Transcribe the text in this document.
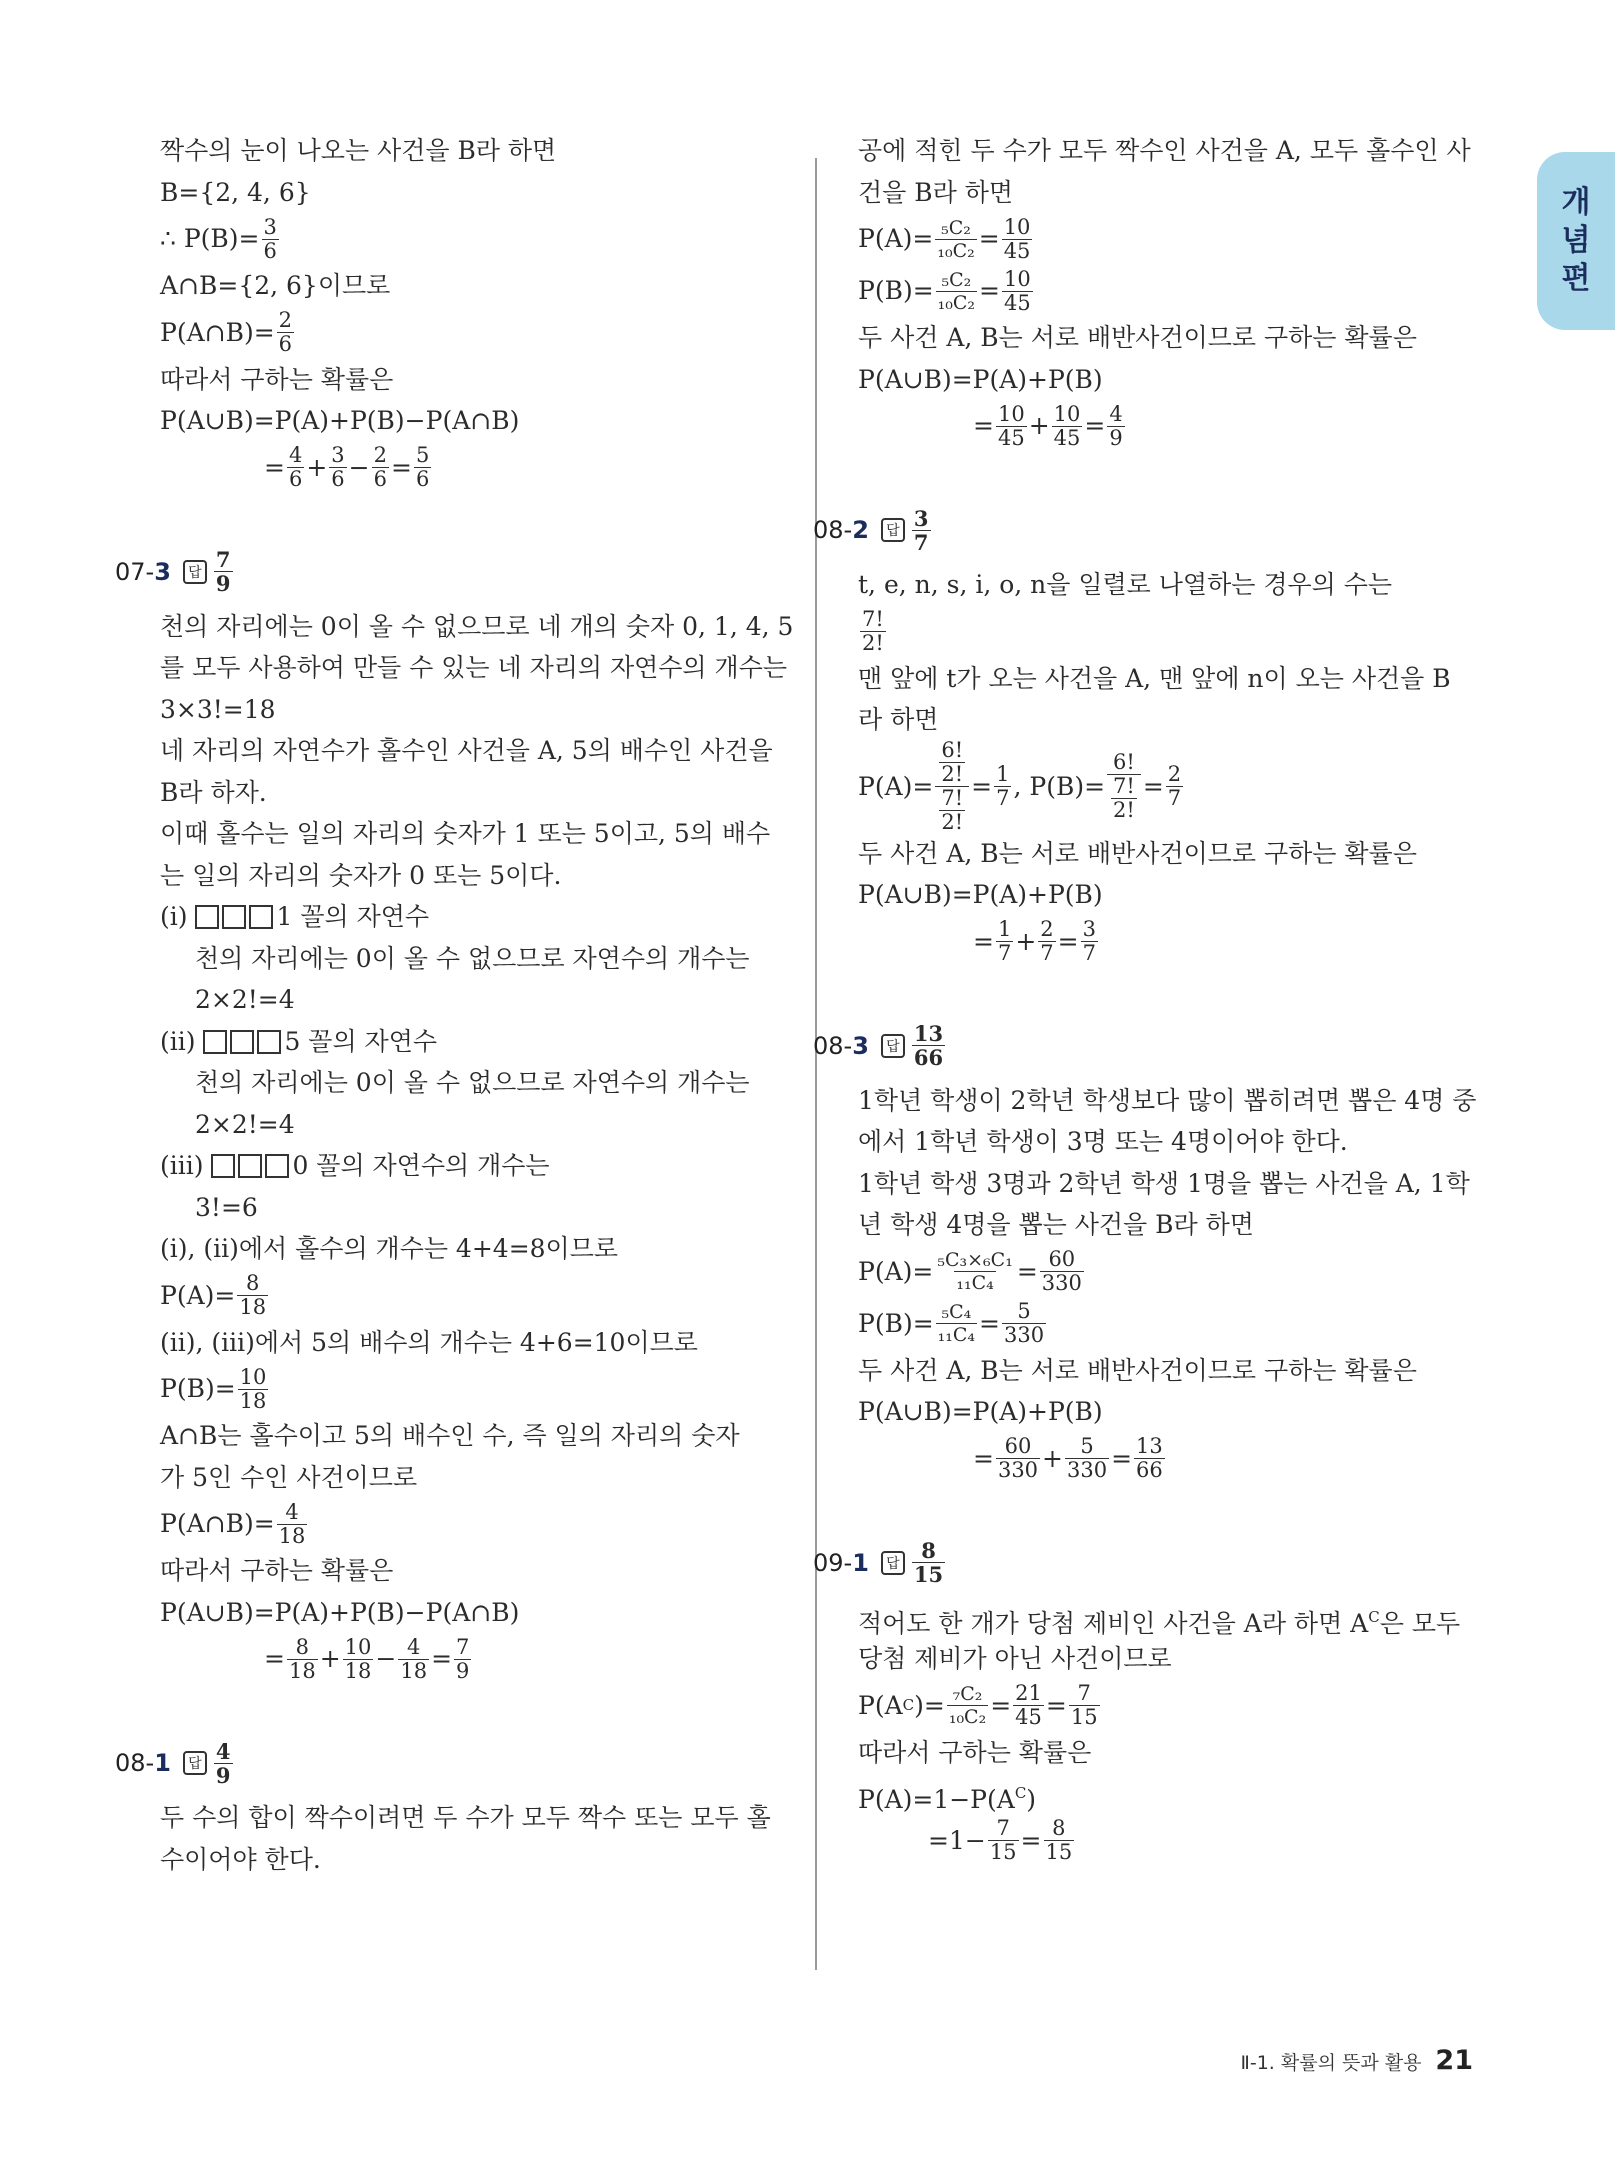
개
념
편
짝수의 눈이 나오는 사건을 B라 하면
B={2, 4, 6}
∴ $P(B)= \frac{3}{6}$
A∩B={2, 6}이므로
P(A∩B)= $\frac{2}{6}$
따라서 구하는 확률은
P(A∪B)=P(A)+P(B)−P(A∩B)
= $\frac{4}{6} + \frac{3}{6} - \frac{2}{6} = \frac{5}{6}$
07-3	답 $\frac{7}{9}$
천의 자리에는 0이 올 수 없으므로 네 개의 숫자 0, 1, 4, 5
를 모두 사용하여 만들 수 있는 네 자리의 자연수의 개수는
3×3!=18
네 자리의 자연수가 홀수인 사건을 A, 5의 배수인 사건을
B라 하자.
이때 홀수는 일의 자리의 숫자가 1 또는 5이고, 5의 배수
는 일의 자리의 숫자가 0 또는 5이다.
(i)	1 꼴의 자연수
천의 자리에는 0이 올 수 없으므로 자연수의 개수는
2×2!=4
(ii)	5 꼴의 자연수
천의 자리에는 0이 올 수 없으므로 자연수의 개수는
2×2!=4
(iii)	0 꼴의 자연수의 개수는
3!=6
(i), (ii)에서 홀수의 개수는 4+4=8이므로
$P(A)= \frac{8}{18}$
(ii), (iii)에서 5의 배수의 개수는 4+6=10이므로
$P(B)= \frac{10}{18}$
A∩B는 홀수이고 5의 배수인 수, 즉 일의 자리의 숫자
가 5인 수인 사건이므로
P(A∩B)= $\frac{4}{18}$
따라서 구하는 확률은
P(A∪B)=P(A)+P(B)−P(A∩B)
= $\frac{8}{18} + \frac{10}{18} - \frac{4}{18} = \frac{7}{9}$
08-1	답 $\frac{4}{9}$
두 수의 합이 짝수이려면 두 수가 모두 짝수 또는 모두 홀
수이어야 한다.
공에 적힌 두 수가 모두 짝수인 사건을 A, 모두 홀수인 사
건을 B라 하면
$P(A)= \frac{\text{₅C₂}}{\text{₁₀C₂}} = \frac{10}{45}$
$P(B)= \frac{\text{₅C₂}}{\text{₁₀C₂}} = \frac{10}{45}$
두 사건 A, B는 서로 배반사건이므로 구하는 확률은
P(A∪B)=P(A)+P(B)
= $\frac{10}{45} + \frac{10}{45} = \frac{4}{9}$
08-2	답 $\frac{3}{7}$
t, e, n, s, i, o, n을 일렬로 나열하는 경우의 수는
$\frac{7!}{2!}$
맨 앞에 t가 오는 사건을 A, 맨 앞에 n이 오는 사건을 B
라 하면
$P(A)= \frac{\frac{6!}{2!}}{\frac{7!}{2!}} = \frac{1}{7}$ , $P(B)= \frac{6!}{\frac{7!}{2!}} = \frac{2}{7}$
두 사건 A, B는 서로 배반사건이므로 구하는 확률은
P(A∪B)=P(A)+P(B)
= $\frac{1}{7} + \frac{2}{7} = \frac{3}{7}$
08-3	답 $\frac{13}{66}$
1학년 학생이 2학년 학생보다 많이 뽑히려면 뽑은 4명 중
에서 1학년 학생이 3명 또는 4명이어야 한다.
1학년 학생 3명과 2학년 학생 1명을 뽑는 사건을 A, 1학
년 학생 4명을 뽑는 사건을 B라 하면
$P(A)= \frac{\text{₅C₃×₆C₁}}{\text{₁₁C₄}} = \frac{60}{330}$
$P(B)= \frac{\text{₅C₄}}{\text{₁₁C₄}} = \frac{5}{330}$
두 사건 A, B는 서로 배반사건이므로 구하는 확률은
P(A∪B)=P(A)+P(B)
= $\frac{60}{330} + \frac{5}{330} = \frac{13}{66}$
09-1	답 $\frac{8}{15}$
적어도 한 개가 당첨 제비인 사건을 A라 하면 $A^C$은 모두
당첨 제비가 아닌 사건이므로
P(A C )= $\frac{\text{₇C₂}}{\text{₁₀C₂}} = \frac{21}{45} = \frac{7}{15}$
따라서 구하는 확률은
$P(A)=1-P(A^C)$
$=1- \frac{7}{15} = \frac{8}{15}$
Ⅱ-1. 확률의 뜻과 활용 21
